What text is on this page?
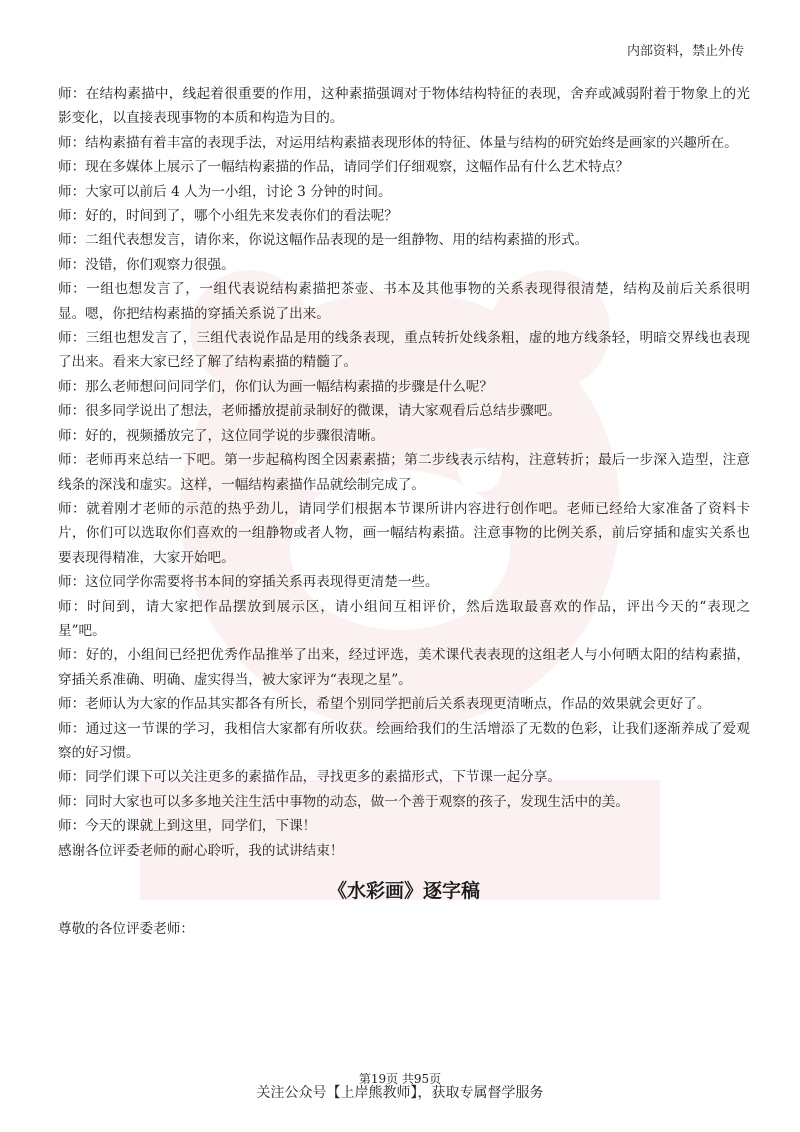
内部资料，禁止外传

师：在结构素描中，线起着很重要的作用，这种素描强调对于物体结构特征的表现，舍弃或减弱附着于物象上的光影变化，以直接表现事物的本质和构造为目的。

师：结构素描有着丰富的表现手法，对运用结构素描表现形体的特征、体量与结构的研究始终是画家的兴趣所在。

师：现在多媒体上展示了一幅结构素描的作品，请同学们仔细观察，这幅作品有什么艺术特点？

师：大家可以前后 4 人为一小组，讨论 3 分钟的时间。

师：好的，时间到了，哪个小组先来发表你们的看法呢？

师：二组代表想发言，请你来，你说这幅作品表现的是一组静物、用的结构素描的形式。

师：没错，你们观察力很强。

师：一组也想发言了，一组代表说结构素描把茶壶、书本及其他事物的关系表现得很清楚，结构及前后关系很明显。嗯，你把结构素描的穿插关系说了出来。

师：三组也想发言了，三组代表说作品是用的线条表现，重点转折处线条粗，虚的地方线条轻，明暗交界线也表现了出来。看来大家已经了解了结构素描的精髓了。

师：那么老师想问问同学们，你们认为画一幅结构素描的步骤是什么呢？

师：很多同学说出了想法，老师播放提前录制好的微课，请大家观看后总结步骤吧。

师：好的，视频播放完了，这位同学说的步骤很清晰。

师：老师再来总结一下吧。第一步起稿构图全因素素描；第二步线表示结构，注意转折；最后一步深入造型，注意线条的深浅和虚实。这样，一幅结构素描作品就绘制完成了。

师：就着刚才老师的示范的热乎劲儿，请同学们根据本节课所讲内容进行创作吧。老师已经给大家准备了资料卡片，你们可以选取你们喜欢的一组静物或者人物，画一幅结构素描。注意事物的比例关系，前后穿插和虚实关系也要表现得精准，大家开始吧。

师：这位同学你需要将书本间的穿插关系再表现得更清楚一些。

师：时间到，请大家把作品摆放到展示区，请小组间互相评价，然后选取最喜欢的作品，评出今天的“表现之星”吧。

师：好的，小组间已经把优秀作品推举了出来，经过评选，美术课代表表现的这组老人与小何晒太阳的结构素描，穿插关系准确、明确、虚实得当，被大家评为“表现之星”。

师：老师认为大家的作品其实都各有所长，希望个别同学把前后关系表现更清晰点，作品的效果就会更好了。

师：通过这一节课的学习，我相信大家都有所收获。绘画给我们的生活增添了无数的色彩，让我们逐渐养成了爱观察的好习惯。

师：同学们课下可以关注更多的素描作品，寻找更多的素描形式，下节课一起分享。

师：同时大家也可以多多地关注生活中事物的动态，做一个善于观察的孩子，发现生活中的美。

师：今天的课就上到这里，同学们，下课！

感谢各位评委老师的耐心聆听，我的试讲结束！

《水彩画》逐字稿

尊敬的各位评委老师：

第19页 共95页
关注公众号【上岸熊教师】，获取专属督学服务
